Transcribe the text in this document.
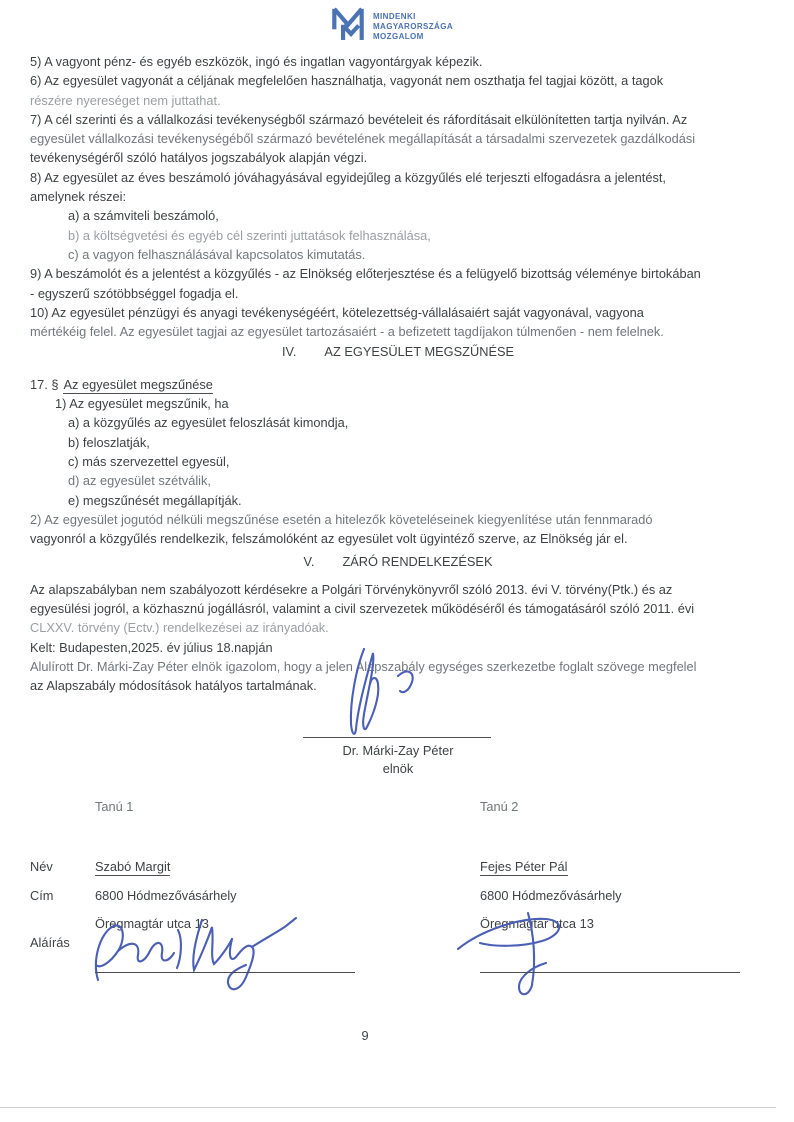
MINDENKI
MAGYARORSZÁGA
MOZGALOM
5) A vagyont pénz- és egyéb eszközök, ingó és ingatlan vagyontárgyak képezik.
6) Az egyesület vagyonát a céljának megfelelően használhatja, vagyonát nem oszthatja fel tagjai között, a tagok
részére nyereséget nem juttathat.
7) A cél szerinti és a vállalkozási tevékenységből származó bevételeit és ráfordításait elkülönítetten tartja nyilván. Az
egyesület vállalkozási tevékenységéből származó bevételének megállapítását a társadalmi szervezetek gazdálkodási
tevékenységéről szóló hatályos jogszabályok alapján végzi.
8) Az egyesület az éves beszámoló jóváhagyásával egyidejűleg a közgyűlés elé terjeszti elfogadásra a jelentést,
amelynek részei:
a) a számviteli beszámoló,
b) a költségvetési és egyéb cél szerinti juttatások felhasználása,
c) a vagyon felhasználásával kapcsolatos kimutatás.
9) A beszámolót és a jelentést a közgyűlés - az Elnökség előterjesztése és a felügyelő bizottság véleménye birtokában
- egyszerű szótöbbséggel fogadja el.
10) Az egyesület pénzügyi és anyagi tevékenységéért, kötelezettség-vállalásaiért saját vagyonával, vagyona
mértékéig felel. Az egyesület tagjai az egyesület tartozásaiért - a befizetett tagdíjakon túlmenően - nem felelnek.
IV. AZ EGYESÜLET MEGSZŰNÉSE
17. § Az egyesület megszűnése
1) Az egyesület megszűnik, ha
a) a közgyűlés az egyesület feloszlását kimondja,
b) feloszlatják,
c) más szervezettel egyesül,
d) az egyesület szétválik,
e) megszűnését megállapítják.
2) Az egyesület jogutód nélküli megszűnése esetén a hitelezők követeléseinek kiegyenlítése után fennmaradó
vagyonról a közgyűlés rendelkezik, felszámolóként az egyesület volt ügyintéző szerve, az Elnökség jár el.
V. ZÁRÓ RENDELKEZÉSEK
Az alapszabályban nem szabályozott kérdésekre a Polgári Törvénykönyvről szóló 2013. évi V. törvény(Ptk.) és az
egyesülési jogról, a közhasznú jogállásról, valamint a civil szervezetek működéséről és támogatásáról szóló 2011. évi
CLXXV. törvény (Ectv.) rendelkezései az irányadóak.
Kelt: Budapesten,2025. év július 18.napján
Alulírott Dr. Márki-Zay Péter elnök igazolom, hogy a jelen Alapszabály egységes szerkezetbe foglalt szövege megfelel
az Alapszabály módosítások hatályos tartalmának.
Dr. Márki-Zay Péter
elnök
Tanú 1	Tanú 2
Név	Szabó Margit	Fejes Péter Pál
Cím	6800 Hódmezővásárhely	6800 Hódmezővásárhely
Öregmagtár utca 13	Öregmagtár utca 13
Aláírás
9
